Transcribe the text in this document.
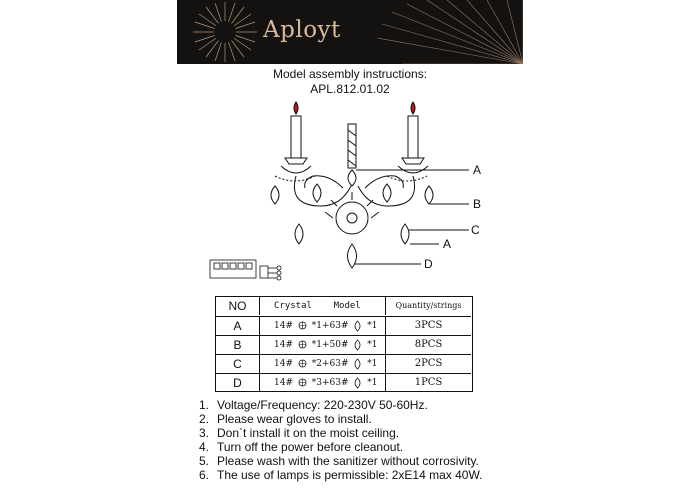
Aployt
Model assembly instructions:
APL.812.01.02
A
B
C
A
D
NO	Crystal Model	Quantity/strings
A	14# *1+63# *1	3PCS
B	14# *1+50# *1	8PCS
C	14# *2+63# *1	2PCS
D	14# *3+63# *1	1PCS
1. Voltage/Frequency: 220-230V 50-60Hz.
2. Please wear gloves to install.
3. Don`t install it on the moist ceiling.
4. Turn off the power before cleanout.
5. Please wash with the sanitizer without corrosivity.
6. The use of lamps is permissible: 2xE14 max 40W.
